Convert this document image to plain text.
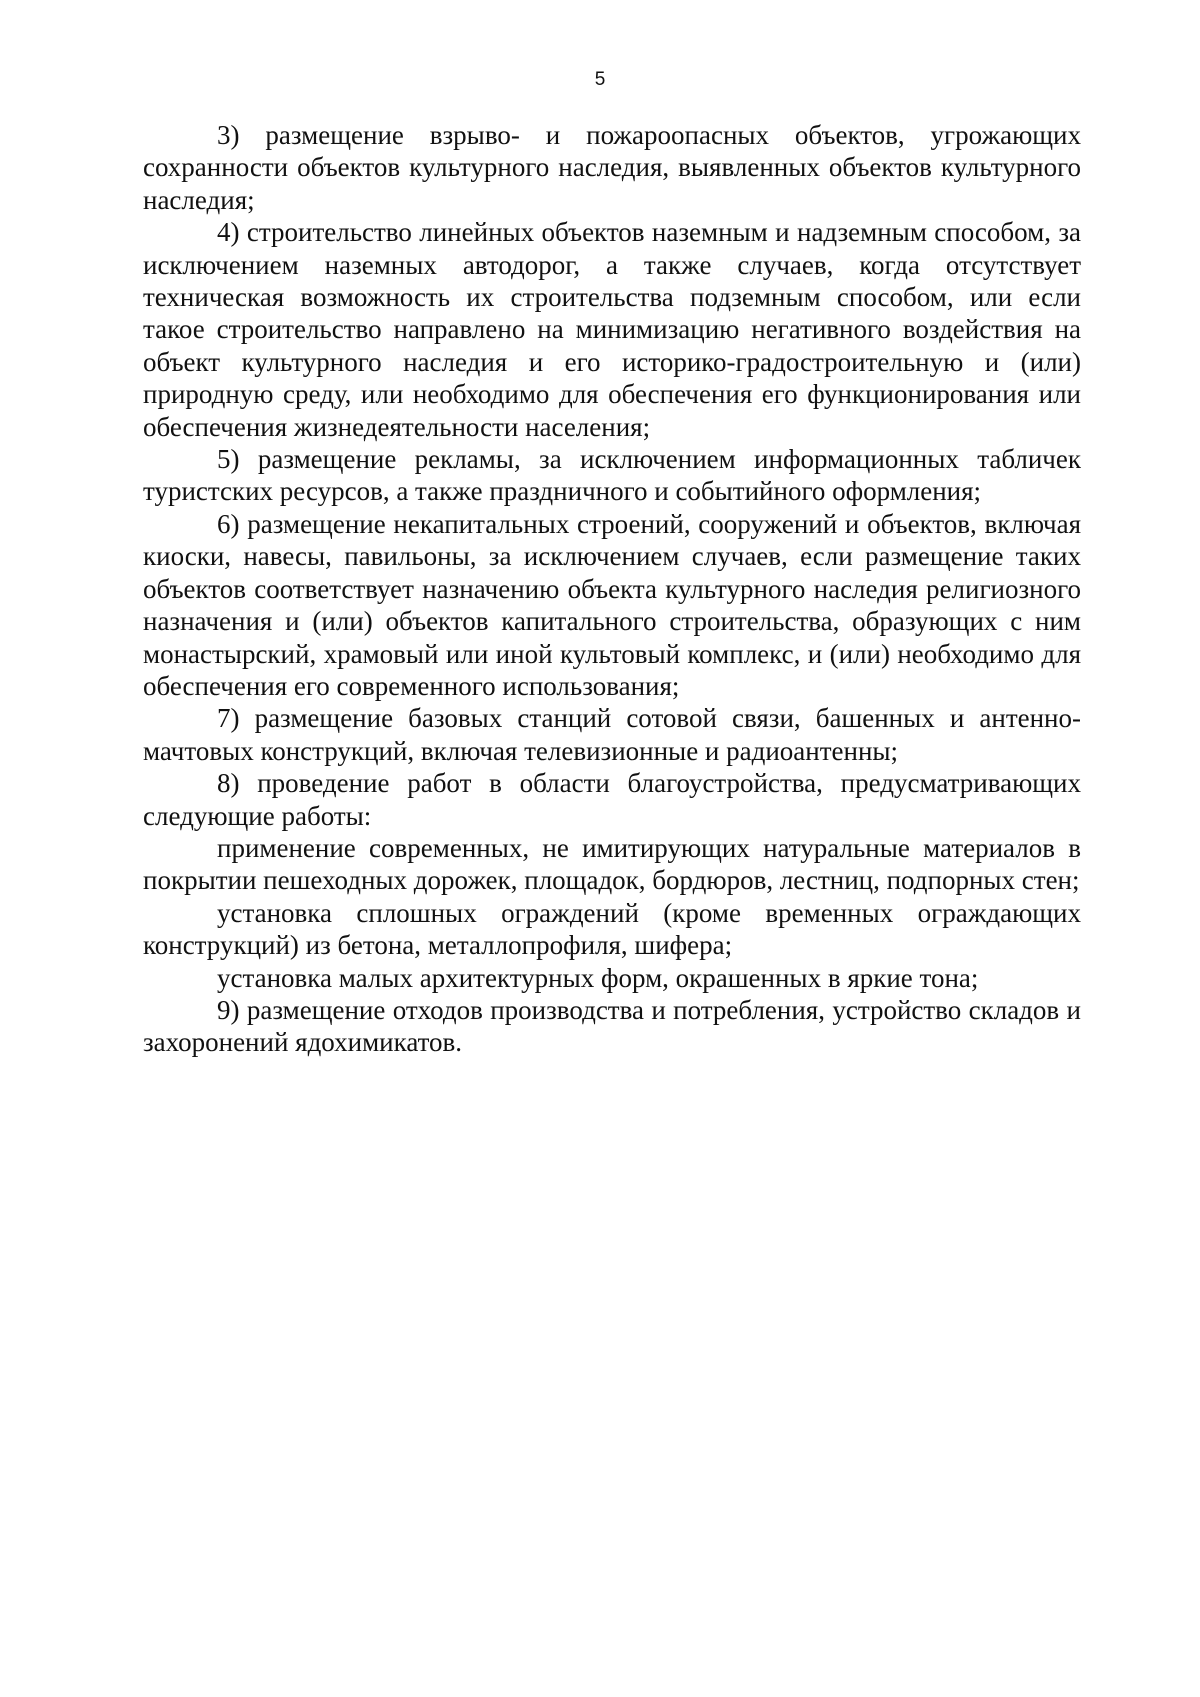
5

3) размещение взрыво- и пожароопасных объектов, угрожающих сохранности объектов культурного наследия, выявленных объектов культурного наследия;

4) строительство линейных объектов наземным и надземным способом, за исключением наземных автодорог, а также случаев, когда отсутствует техническая возможность их строительства подземным способом, или если такое строительство направлено на минимизацию негативного воздействия на объект культурного наследия и его историко-градостроительную и (или) природную среду, или необходимо для обеспечения его функционирования или обеспечения жизнедеятельности населения;

5) размещение рекламы, за исключением информационных табличек туристских ресурсов, а также праздничного и событийного оформления;

6) размещение некапитальных строений, сооружений и объектов, включая киоски, навесы, павильоны, за исключением случаев, если размещение таких объектов соответствует назначению объекта культурного наследия религиозного назначения и (или) объектов капитального строительства, образующих с ним монастырский, храмовый или иной культовый комплекс, и (или) необходимо для обеспечения его современного использования;

7) размещение базовых станций сотовой связи, башенных и антенно-мачтовых конструкций, включая телевизионные и радиоантенны;

8) проведение работ в области благоустройства, предусматривающих следующие работы:

применение современных, не имитирующих натуральные материалов в покрытии пешеходных дорожек, площадок, бордюров, лестниц, подпорных стен;

установка сплошных ограждений (кроме временных ограждающих конструкций) из бетона, металлопрофиля, шифера;

установка малых архитектурных форм, окрашенных в яркие тона;

9) размещение отходов производства и потребления, устройство складов и захоронений ядохимикатов.
